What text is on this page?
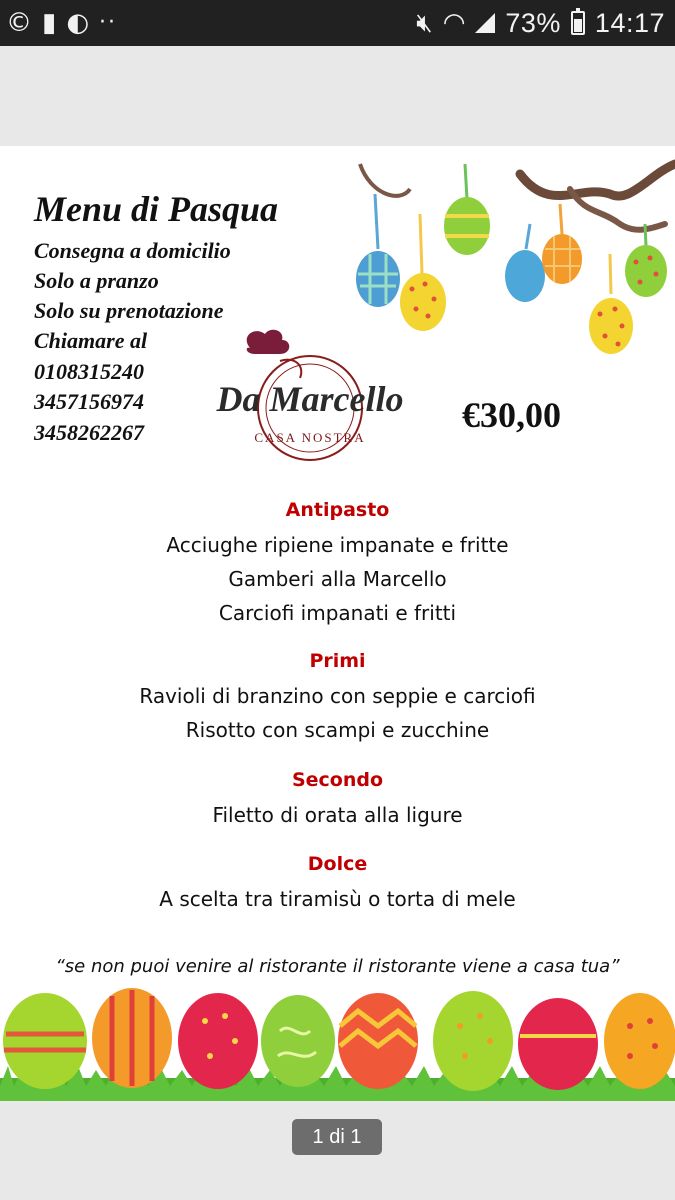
© ▮ ◐ ··	🔇︎ ◠ 73% 14:17
Menu di Pasqua
Consegna a domicilio
Solo a pranzo
Solo su prenotazione
Chiamare al
0108315240
3457156974
3458262267
Da Marcello
CASA NOSTRA
€30,00
Antipasto
Acciughe ripiene impanate e fritte
Gamberi alla Marcello
Carciofi impanati e fritti
Primi
Ravioli di branzino con seppie e carciofi
Risotto con scampi e zucchine
Secondo
Filetto di orata alla ligure
Dolce
A scelta tra tiramisù o torta di mele
“se non puoi venire al ristorante il ristorante viene a casa tua”
1 di 1
